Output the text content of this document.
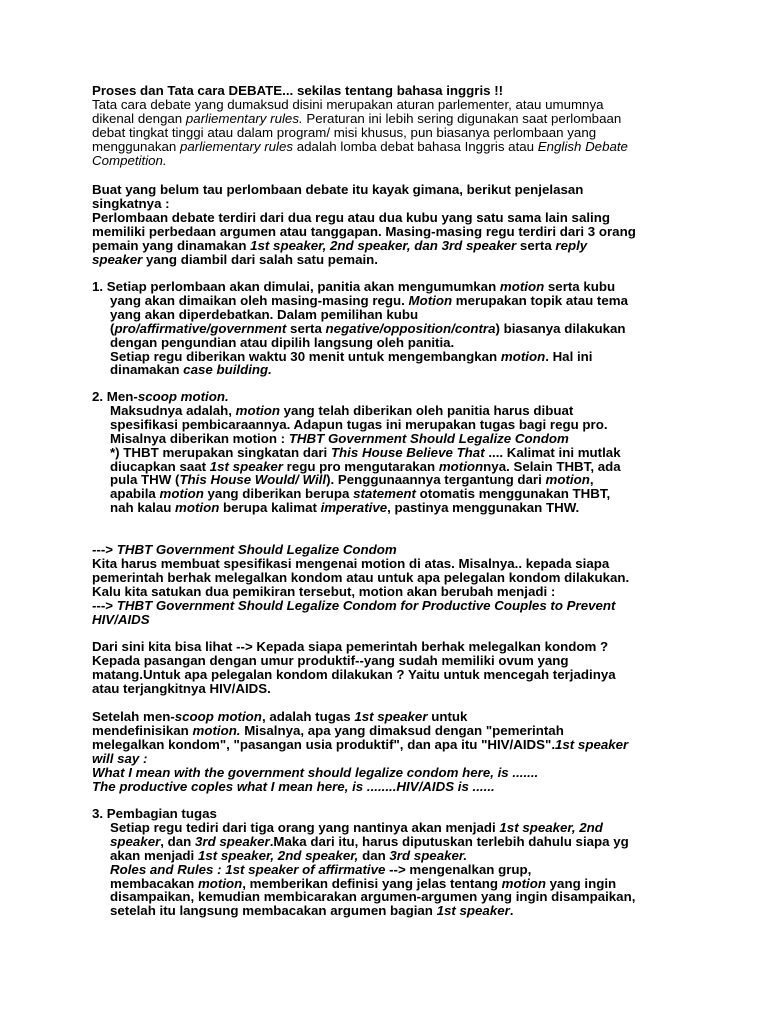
Proses dan Tata cara DEBATE... sekilas tentang bahasa inggris !!

Tata cara debate yang dumaksud disini merupakan aturan parlementer, atau umumnya

dikenal dengan parliementary rules. Peraturan ini lebih sering digunakan saat perlombaan

debat tingkat tinggi atau dalam program/ misi khusus, pun biasanya perlombaan yang

menggunakan parliementary rules adalah lomba debat bahasa Inggris atau English Debate

Competition.

Buat yang belum tau perlombaan debate itu kayak gimana, berikut penjelasan

singkatnya :

Perlombaan debate terdiri dari dua regu atau dua kubu yang satu sama lain saling

memiliki perbedaan argumen atau tanggapan. Masing-masing regu terdiri dari 3 orang

pemain yang dinamakan 1st speaker, 2nd speaker, dan 3rd speaker serta reply

speaker yang diambil dari salah satu pemain.

1. Setiap perlombaan akan dimulai, panitia akan mengumumkan motion serta kubu

yang akan dimaikan oleh masing-masing regu. Motion merupakan topik atau tema

yang akan diperdebatkan. Dalam pemilihan kubu

(pro/affirmative/government serta negative/opposition/contra) biasanya dilakukan

dengan pengundian atau dipilih langsung oleh panitia.

Setiap regu diberikan waktu 30 menit untuk mengembangkan motion. Hal ini

dinamakan case building.

2. Men-scoop motion.

Maksudnya adalah, motion yang telah diberikan oleh panitia harus dibuat

spesifikasi pembicaraannya. Adapun tugas ini merupakan tugas bagi regu pro.

Misalnya diberikan motion : THBT Government Should Legalize Condom

*) THBT merupakan singkatan dari This House Believe That .... Kalimat ini mutlak

diucapkan saat 1st speaker regu pro mengutarakan motionnya. Selain THBT, ada

pula THW (This House Would/ Will). Penggunaannya tergantung dari motion,

apabila motion yang diberikan berupa statement otomatis menggunakan THBT,

nah kalau motion berupa kalimat imperative, pastinya menggunakan THW.

---> THBT Government Should Legalize Condom

Kita harus membuat spesifikasi mengenai motion di atas. Misalnya.. kepada siapa

pemerintah berhak melegalkan kondom atau untuk apa pelegalan kondom dilakukan.

Kalu kita satukan dua pemikiran tersebut, motion akan berubah menjadi :

---> THBT Government Should Legalize Condom for Productive Couples to Prevent

HIV/AIDS

Dari sini kita bisa lihat --> Kepada siapa pemerintah berhak melegalkan kondom ?

Kepada pasangan dengan umur produktif--yang sudah memiliki ovum yang

matang.Untuk apa pelegalan kondom dilakukan ? Yaitu untuk mencegah terjadinya

atau terjangkitnya HIV/AIDS.

Setelah men-scoop motion, adalah tugas 1st speaker untuk

mendefinisikan motion. Misalnya, apa yang dimaksud dengan "pemerintah

melegalkan kondom", "pasangan usia produktif", dan apa itu "HIV/AIDS".1st speaker

will say :

What I mean with the government should legalize condom here, is .......

The productive coples what I mean here, is ........HIV/AIDS is ......

3. Pembagian tugas

Setiap regu tediri dari tiga orang yang nantinya akan menjadi 1st speaker, 2nd

speaker, dan 3rd speaker.Maka dari itu, harus diputuskan terlebih dahulu siapa yg

akan menjadi 1st speaker, 2nd speaker, dan 3rd speaker.

Roles and Rules : 1st speaker of affirmative --> mengenalkan grup,

membacakan motion, memberikan definisi yang jelas tentang motion yang ingin

disampaikan, kemudian membicarakan argumen-argumen yang ingin disampaikan,

setelah itu langsung membacakan argumen bagian 1st speaker.
